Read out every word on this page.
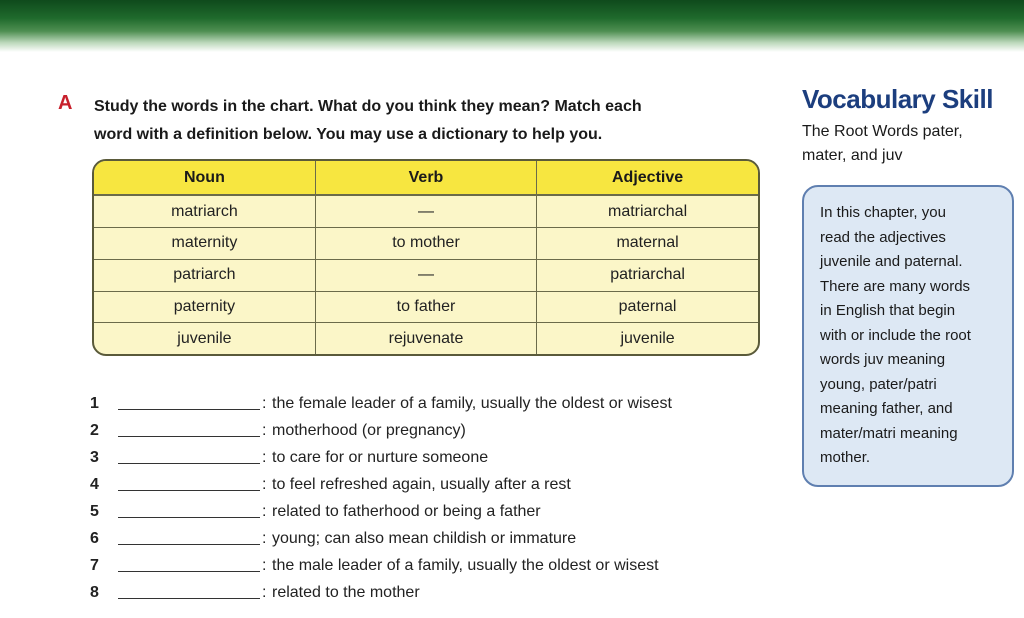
A Study the words in the chart. What do you think they mean? Match each
word with a definition below. You may use a dictionary to help you.
Noun	Verb	Adjective
matriarch	—	matriarchal
maternity	to mother	maternal
patriarch	—	patriarchal
paternity	to father	paternal
juvenile	rejuvenate	juvenile
1	: the female leader of a family, usually the oldest or wisest
2	: motherhood (or pregnancy)
3	: to care for or nurture someone
4	: to feel refreshed again, usually after a rest
5	: related to fatherhood or being a father
6	: young; can also mean childish or immature
7	: the male leader of a family, usually the oldest or wisest
8	: related to the mother
Vocabulary Skill
The Root Words pater,
mater, and juv
In this chapter, you
read the adjectives
juvenile and paternal.
There are many words
in English that begin
with or include the root
words juv meaning
young, pater/patri
meaning father, and
mater/matri meaning
mother.
